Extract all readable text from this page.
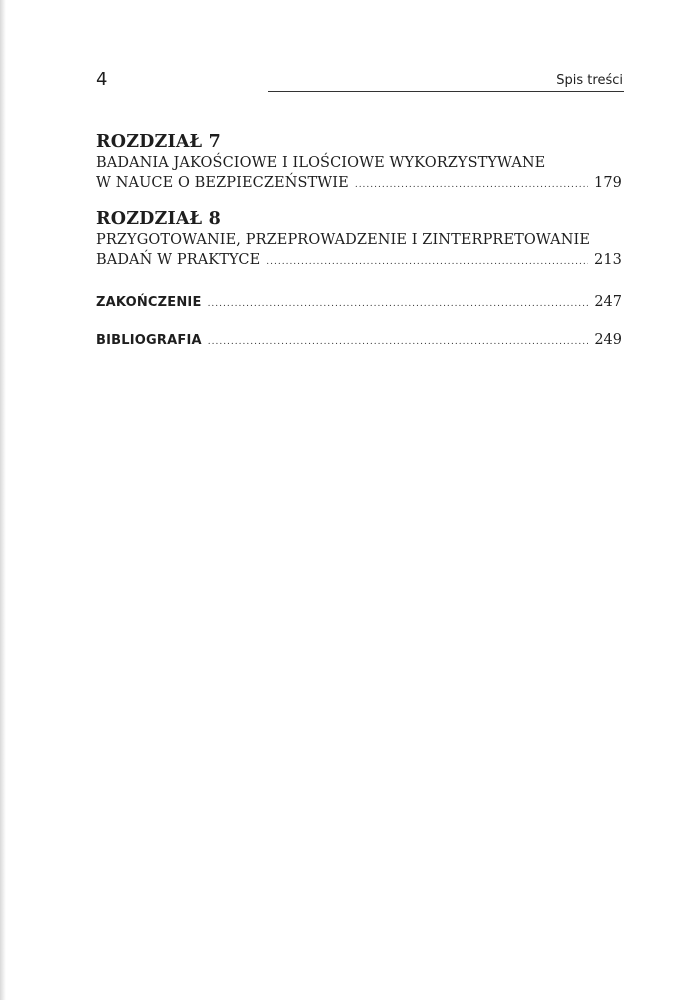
4	Spis treści
ROZDZIAŁ 7
BADANIA JAKOŚCIOWE I ILOŚCIOWE WYKORZYSTYWANE
W NAUCE O BEZPIECZEŃSTWIE .....	179
ROZDZIAŁ 8
PRZYGOTOWANIE, PRZEPROWADZENIE I ZINTERPRETOWANIE
BADAŃ W PRAKTYCE .....	213
ZAKOŃCZENIE .....	247
BIBLIOGRAFIA .....	249
